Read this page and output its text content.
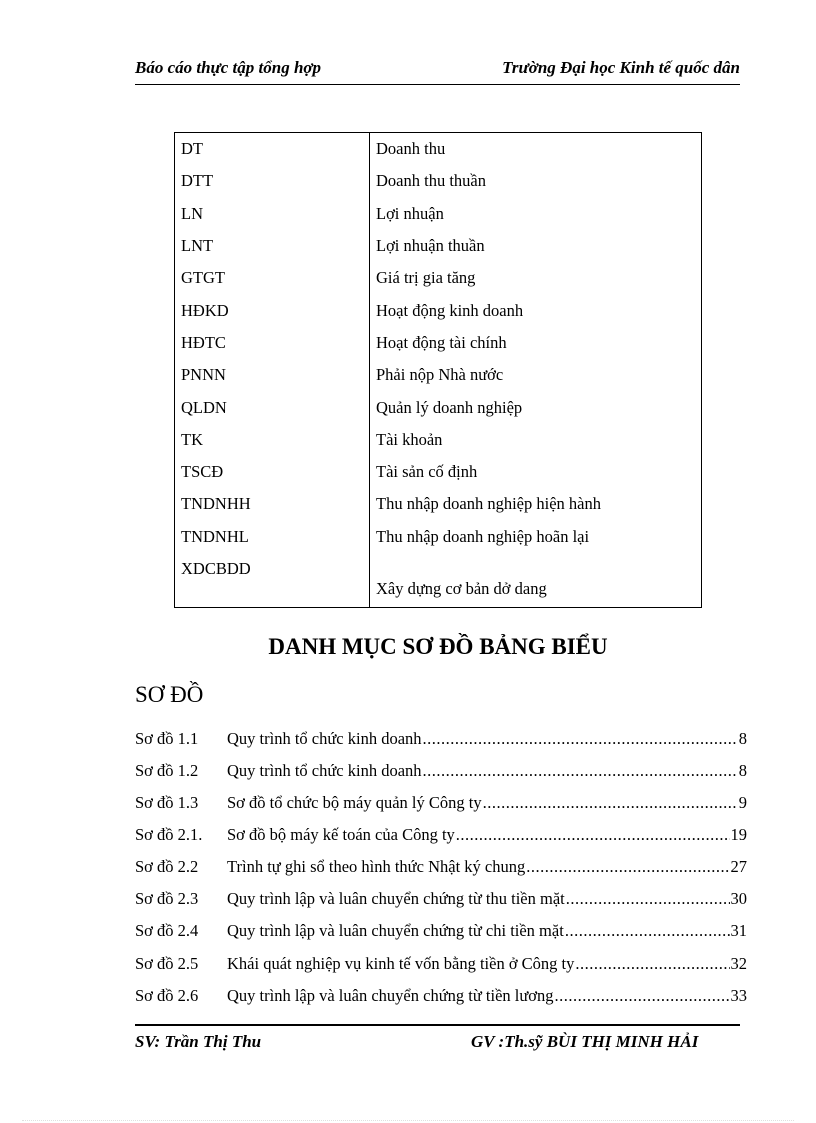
Báo cáo thực tập tổng hợp	Trường Đại học Kinh tế quốc dân
DT	Doanh thu
DTT	Doanh thu thuần
LN	Lợi nhuận
LNT	Lợi nhuận thuần
GTGT	Giá trị gia tăng
HĐKD	Hoạt động kinh doanh
HĐTC	Hoạt động tài chính
PNNN	Phải nộp Nhà nước
QLDN	Quản lý doanh nghiệp
TK	Tài khoản
TSCĐ	Tài sản cố định
TNDNHH	Thu nhập doanh nghiệp hiện hành
TNDNHL	Thu nhập doanh nghiệp hoãn lại
XDCBDD	Xây dựng cơ bản dở dang
DANH MỤC SƠ ĐỒ BẢNG BIỂU
SƠ ĐỒ
Sơ đồ 1.1	Quy trình tổ chức kinh doanh .....	8
Sơ đồ 1.2	Quy trình tổ chức kinh doanh .....	8
Sơ đồ 1.3	Sơ đồ tổ chức bộ máy quản lý Công ty .....	9
Sơ đồ 2.1.	Sơ đồ bộ máy kế toán của Công ty .....	19
Sơ đồ 2.2	Trình tự ghi sổ theo hình thức Nhật ký chung .....	27
Sơ đồ 2.3	Quy trình lập và luân chuyển chứng từ thu tiền mặt .....	30
Sơ đồ 2.4	Quy trình lập và luân chuyển chứng từ chi tiền mặt .....	31
Sơ đồ 2.5	Khái quát nghiệp vụ kinh tế vốn bằng tiền ở Công ty .....	32
Sơ đồ 2.6	Quy trình lập và luân chuyển chứng từ tiền lương .....	33
SV: Trần Thị Thu	GV :Th.sỹ BÙI THỊ MINH HẢI
